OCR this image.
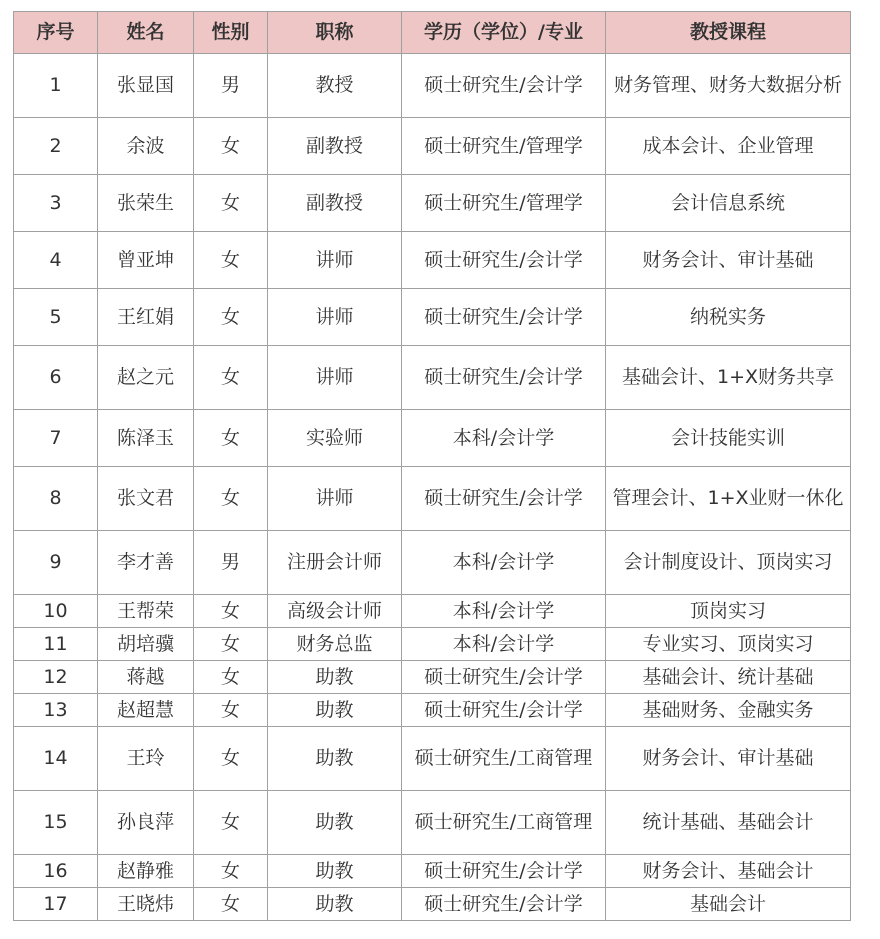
序号	姓名	性别	职称	学历（学位）/专业	教授课程
1	张显国	男	教授	硕士研究生/会计学	财务管理、财务大数据分析
2	余波	女	副教授	硕士研究生/管理学	成本会计、企业管理
3	张荣生	女	副教授	硕士研究生/管理学	会计信息系统
4	曾亚坤	女	讲师	硕士研究生/会计学	财务会计、审计基础
5	王红娟	女	讲师	硕士研究生/会计学	纳税实务
6	赵之元	女	讲师	硕士研究生/会计学	基础会计、1+X财务共享
7	陈泽玉	女	实验师	本科/会计学	会计技能实训
8	张文君	女	讲师	硕士研究生/会计学	管理会计、1+X业财一休化
9	李才善	男	注册会计师	本科/会计学	会计制度设计、顶岗实习
10	王帮荣	女	高级会计师	本科/会计学	顶岗实习
11	胡培骥	女	财务总监	本科/会计学	专业实习、顶岗实习
12	蒋越	女	助教	硕士研究生/会计学	基础会计、统计基础
13	赵超慧	女	助教	硕士研究生/会计学	基础财务、金融实务
14	王玲	女	助教	硕士研究生/工商管理	财务会计、审计基础
15	孙良萍	女	助教	硕士研究生/工商管理	统计基础、基础会计
16	赵静雅	女	助教	硕士研究生/会计学	财务会计、基础会计
17	王晓炜	女	助教	硕士研究生/会计学	基础会计
